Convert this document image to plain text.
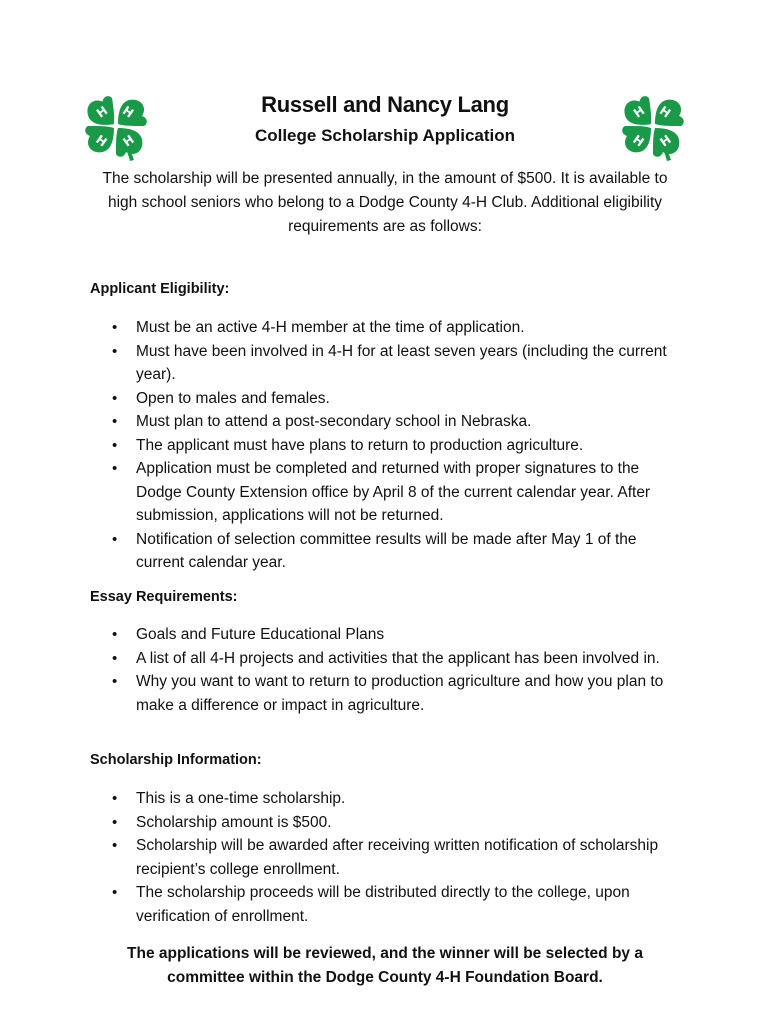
H H
H
H
H H
H
H
Russell and Nancy Lang
College Scholarship Application
The scholarship will be presented annually, in the amount of $500. It is available to high school seniors who belong to a Dodge County 4-H Club. Additional eligibility requirements are as follows:
Applicant Eligibility:
• Must be an active 4-H member at the time of application.
• Must have been involved in 4-H for at least seven years (including the current year).
• Open to males and females.
• Must plan to attend a post-secondary school in Nebraska.
• The applicant must have plans to return to production agriculture.
• Application must be completed and returned with proper signatures to the Dodge County Extension office by April 8 of the current calendar year. After submission, applications will not be returned.
• Notification of selection committee results will be made after May 1 of the current calendar year.
Essay Requirements:
• Goals and Future Educational Plans
• A list of all 4-H projects and activities that the applicant has been involved in.
• Why you want to want to return to production agriculture and how you plan to make a difference or impact in agriculture.
Scholarship Information:
• This is a one-time scholarship.
• Scholarship amount is $500.
• Scholarship will be awarded after receiving written notification of scholarship recipient’s college enrollment.
• The scholarship proceeds will be distributed directly to the college, upon verification of enrollment.
The applications will be reviewed, and the winner will be selected by a committee within the Dodge County 4-H Foundation Board.
